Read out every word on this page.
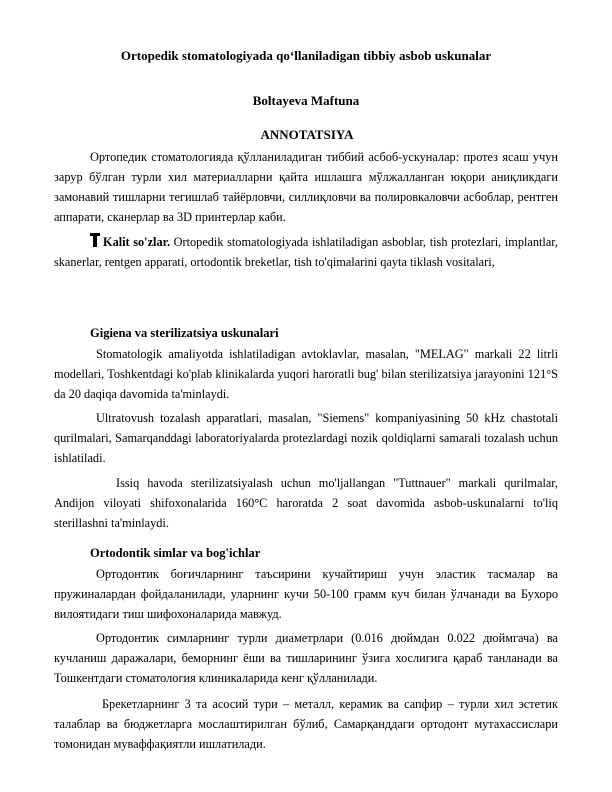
Ortopedik stomatologiyada qo‘llaniladigan tibbiy asbob uskunalar
Boltayeva Maftuna
ANNOTATSIYA

Ортопедик стоматологияда қўлланиладиган тиббий асбоб-ускуналар: протез ясаш учун зарур бўлган турли хил материалларни қайта ишлашга мўлжалланган юқори аниқликдаги замонавий тишларни тегишлаб тайёрловчи, силлиқловчи ва полировкаловчи асбоблар, рентген аппарати, сканерлар ва 3D принтерлар каби.

Kalit so'zlar. Ortopedik stomatologiyada ishlatiladigan asboblar, tish protezlari, implantlar, skanerlar, rentgen apparati, ortodontik breketlar, tish to'qimalarini qayta tiklash vositalari,

Gigiena va sterilizatsiya uskunalari

Stomatologik amaliyotda ishlatiladigan avtoklavlar, masalan, "MELAG" markali 22 litrli modellari, Toshkentdagi ko'plab klinikalarda yuqori haroratli bug' bilan sterilizatsiya jarayonini 121°S da 20 daqiqa davomida ta'minlaydi.

Ultratovush tozalash apparatlari, masalan, "Siemens" kompaniyasining 50 kHz chastotali qurilmalari, Samarqanddagi laboratoriyalarda protezlardagi nozik qoldiqlarni samarali tozalash uchun ishlatiladi.

Issiq havoda sterilizatsiyalash uchun mo'ljallangan "Tuttnauer" markali qurilmalar, Andijon viloyati shifoxonalarida 160°C haroratda 2 soat davomida asbob-uskunalarni to'liq sterillashni ta'minlaydi.

Ortodontik simlar va bog'ichlar

Ортодонтик боғичларнинг таъсирини кучайтириш учун эластик тасмалар ва пружиналардан фойдаланилади, уларнинг кучи 50-100 грамм куч билан ўлчанади ва Бухоро вилоятидаги тиш шифохоналарида мавжуд.

Ортодонтик симларнинг турли диаметрлари (0.016 дюймдан 0.022 дюймгача) ва кучланиш даражалари, беморнинг ёши ва тишларининг ўзига хослигига қараб танланади ва Тошкентдаги стоматология клиникаларида кенг қўлланилади.

Брекетларнинг 3 та асосий тури – металл, керамик ва сапфир – турли хил эстетик талаблар ва бюджетларга мослаштирилган бўлиб, Самарқанддаги ортодонт мутахассислари томонидан муваффақиятли ишлатилади.
